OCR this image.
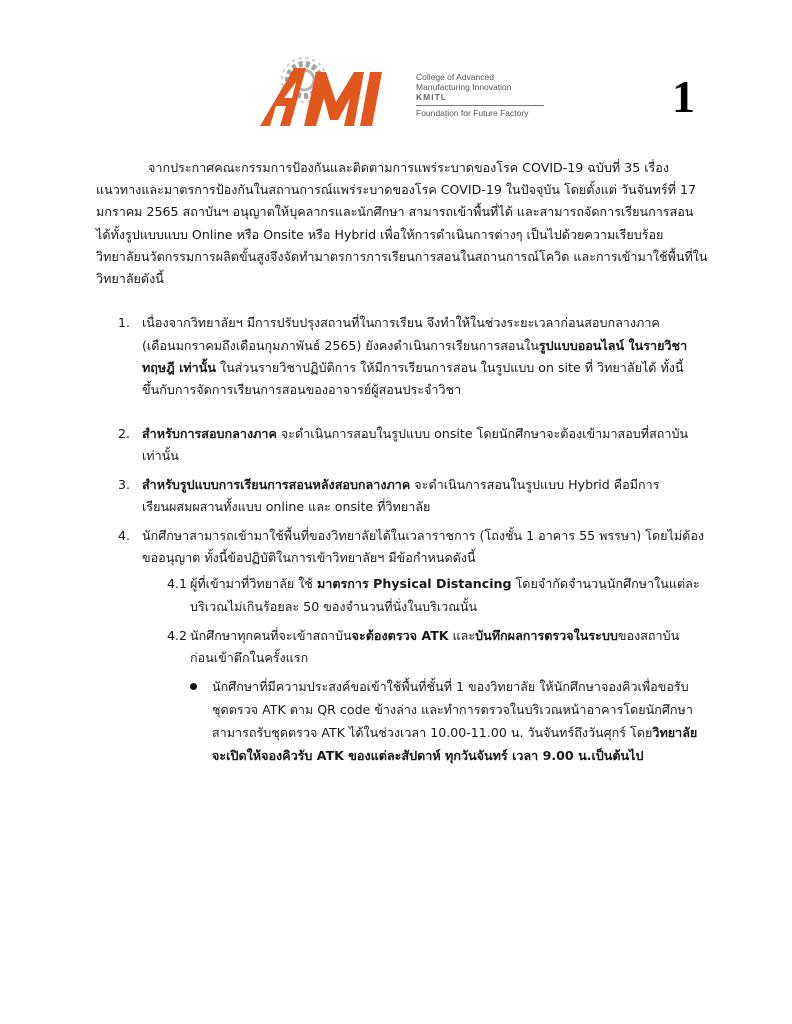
College of Advanced
Manufacturing Innovation
KMITL
Foundation for Future Factory	1
จากประกาศคณะกรรมการป้องกันและติดตามการแพร่ระบาดของโรค COVID-19 ฉบับที่ 35 เรื่อง
แนวทางและมาตรการป้องกันในสถานการณ์แพร่ระบาดของโรค COVID-19 ในปัจจุบัน โดยตั้งแต่ วันจันทร์ที่ 17
มกราคม 2565 สถาบันฯ อนุญาตให้บุคลากรและนักศึกษา สามารถเข้าพื้นที่ได้ และสามารถจัดการเรียนการสอน
ได้ทั้งรูปแบบแบบ Online หรือ Onsite หรือ Hybrid เพื่อให้การดำเนินการต่างๆ เป็นไปด้วยความเรียบร้อย
วิทยาลัยนวัตกรรมการผลิตขั้นสูงจึงจัดทำมาตรการการเรียนการสอนในสถานการณ์โควิด และการเข้ามาใช้พื้นที่ใน
วิทยาลัยดังนี้
1. เนื่องจากวิทยาลัยฯ มีการปรับปรุงสถานที่ในการเรียน จึงทำให้ในช่วงระยะเวลาก่อนสอบกลางภาค
(เดือนมกราคมถึงเดือนกุมภาพันธ์ 2565) ยังคงดำเนินการเรียนการสอนในรูปแบบออนไลน์ ในรายวิชา
ทฤษฎี เท่านั้น ในส่วนรายวิชาปฏิบัติการ ให้มีการเรียนการสอน ในรูปแบบ on site ที่ วิทยาลัยได้ ทั้งนี้
ขึ้นกับการจัดการเรียนการสอนของอาจารย์ผู้สอนประจำวิชา
2. สำหรับการสอบกลางภาค จะดำเนินการสอบในรูปแบบ onsite โดยนักศึกษาจะต้องเข้ามาสอบที่สถาบัน
เท่านั้น
3. สำหรับรูปแบบการเรียนการสอนหลังสอบกลางภาค จะดำเนินการสอนในรูปแบบ Hybrid คือมีการ
เรียนผสมผสานทั้งแบบ online และ onsite ที่วิทยาลัย
4. นักศึกษาสามารถเข้ามาใช้พื้นที่ของวิทยาลัยได้ในเวลาราชการ (โถงชั้น 1 อาคาร 55 พรรษา) โดยไม่ต้อง
ขออนุญาต ทั้งนี้ข้อปฏิบัติในการเข้าวิทยาลัยฯ มีข้อกำหนดดังนี้
4.1 ผู้ที่เข้ามาที่วิทยาลัย ใช้ มาตรการ Physical Distancing โดยจำกัดจำนวนนักศึกษาในแต่ละ
บริเวณไม่เกินร้อยละ 50 ของจำนวนที่นั่งในบริเวณนั้น
4.2 นักศึกษาทุกคนที่จะเข้าสถาบันจะต้องตรวจ ATK และบันทึกผลการตรวจในระบบของสถาบัน
ก่อนเข้าตึกในครั้งแรก
นักศึกษาที่มีความประสงค์ขอเข้าใช้พื้นที่ชั้นที่ 1 ของวิทยาลัย ให้นักศึกษาจองคิวเพื่อขอรับ
ชุดตรวจ ATK ตาม QR code ข้างล่าง และทำการตรวจในบริเวณหน้าอาคารโดยนักศึกษา
สามารถรับชุดตรวจ ATK ได้ในช่วงเวลา 10.00-11.00 น. วันจันทร์ถึงวันศุกร์ โดยวิทยาลัย
จะเปิดให้จองคิวรับ ATK ของแต่ละสัปดาห์ ทุกวันจันทร์ เวลา 9.00 น.เป็นต้นไป
